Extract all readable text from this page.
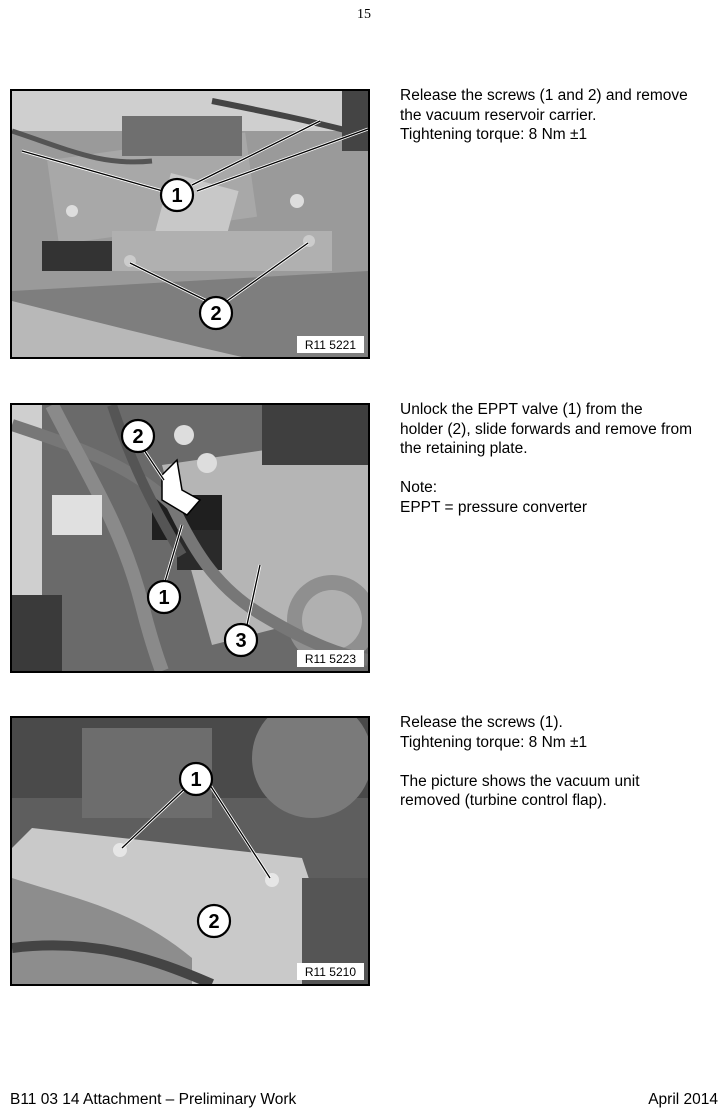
15
1
2
R11 5221

Release the screws (1 and 2) and remove

the vacuum reservoir carrier.

Tightening torque: 8 Nm ±1

2
1
3
R11 5223

Unlock the EPPT valve (1) from the

holder (2), slide forwards and remove from

the retaining plate.

Note:

EPPT = pressure converter

1
2
R11 5210

Release the screws (1).

Tightening torque: 8 Nm ±1

The picture shows the vacuum unit

removed (turbine control flap).

B11 03 14 Attachment – Preliminary Work	April 2014
